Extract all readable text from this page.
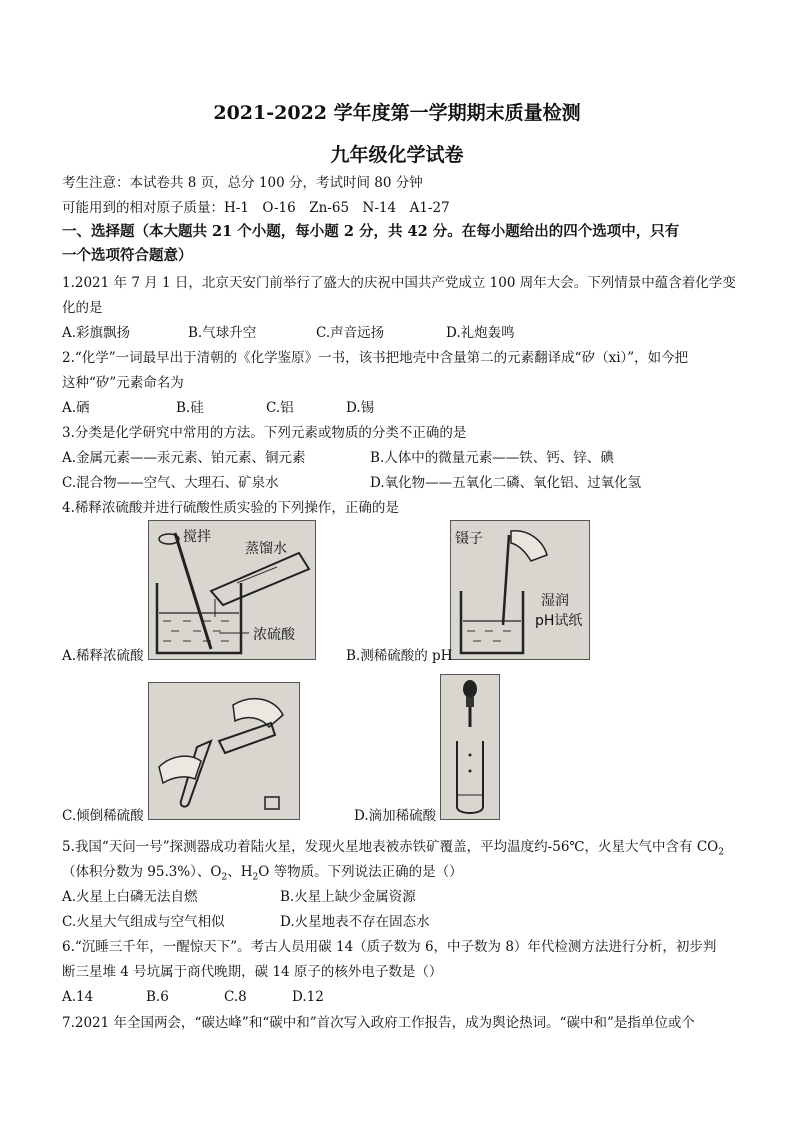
2021-2022 学年度第一学期期末质量检测
九年级化学试卷
考生注意：本试卷共 8 页，总分 100 分，考试时间 80 分钟
可能用到的相对原子质量：H-1　O-16　Zn-65　N-14　A1-27
一、选择题（本大题共 21 个小题，每小题 2 分，共 42 分。在每小题给出的四个选项中，只有
一个选项符合题意）
1.2021 年 7 月 1 日，北京天安门前举行了盛大的庆祝中国共产党成立 100 周年大会。下列情景中蕴含着化学变
化的是
A.彩旗飘扬	B.气球升空	C.声音远扬	D.礼炮轰鸣
2.“化学”一词最早出于清朝的《化学鉴原》一书，该书把地壳中含量第二的元素翻译成“矽（xi）”，如今把
这种“矽”元素命名为
A.硒	B.硅	C.铝	D.锡
3.分类是化学研究中常用的方法。下列元素或物质的分类不正确的是
A.金属元素——汞元素、铂元素、铜元素	B.人体中的微量元素——铁、钙、锌、碘
C.混合物——空气、大理石、矿泉水	D.氧化物——五氧化二磷、氧化铝、过氧化氢
4.稀释浓硫酸并进行硫酸性质实验的下列操作，正确的是
搅拌
蒸馏水
浓硫酸
A.稀释浓硫酸
镊子
湿润
pH试纸
B.测稀硫酸的 pH
C.倾倒稀硫酸	D.滴加稀硫酸
5.我国“天问一号”探测器成功着陆火星，发现火星地表被赤铁矿覆盖，平均温度约-56℃，火星大气中含有 $CO_2$
（体积分数为 95.3%）、$O_2$、$H_2O$ 等物质。下列说法正确的是（）
A.火星上白磷无法自燃	B.火星上缺少金属资源
C.火星大气组成与空气相似	D.火星地表不存在固态水
6.“沉睡三千年，一醒惊天下”。考古人员用碳 14（质子数为 6，中子数为 8）年代检测方法进行分析，初步判
断三星堆 4 号坑属于商代晚期，碳 14 原子的核外电子数是（）
A.14	B.6	C.8	D.12
7.2021 年全国两会，“碳达峰”和“碳中和”首次写入政府工作报告，成为舆论热词。“碳中和”是指单位或个
